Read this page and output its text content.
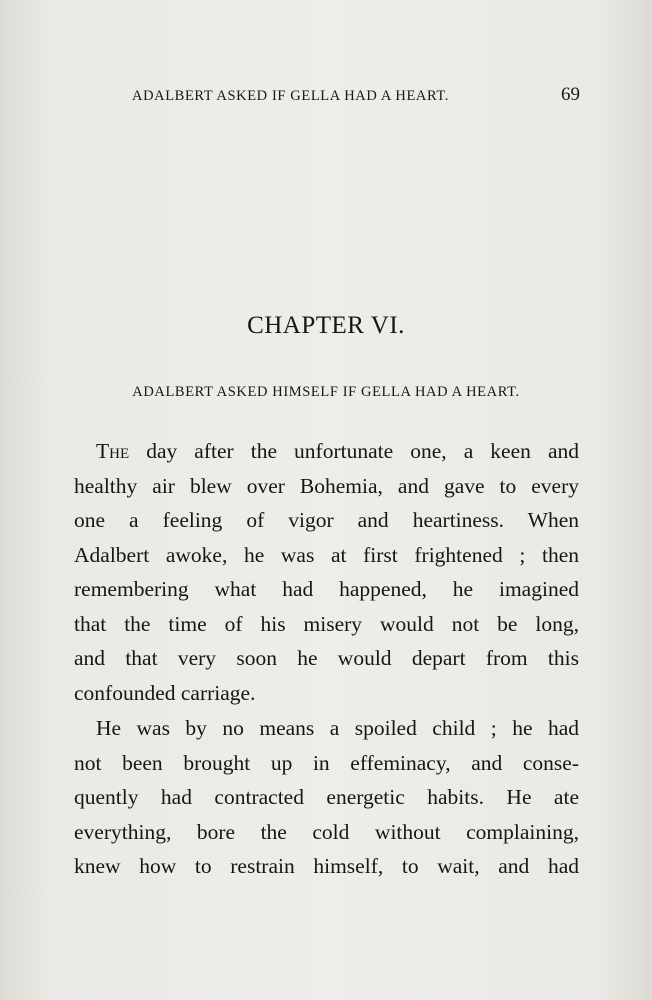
ADALBERT ASKED IF GELLA HAD A HEART.	69
CHAPTER VI.
ADALBERT ASKED HIMSELF IF GELLA HAD A HEART.
The day after the unfortunate one, a keen and
healthy air blew over Bohemia, and gave to every
one a feeling of vigor and heartiness. When
Adalbert awoke, he was at first frightened ; then
remembering what had happened, he imagined
that the time of his misery would not be long,
and that very soon he would depart from this
confounded carriage.
He was by no means a spoiled child ; he had
not been brought up in effeminacy, and conse-
quently had contracted energetic habits. He ate
everything, bore the cold without complaining,
knew how to restrain himself, to wait, and had
